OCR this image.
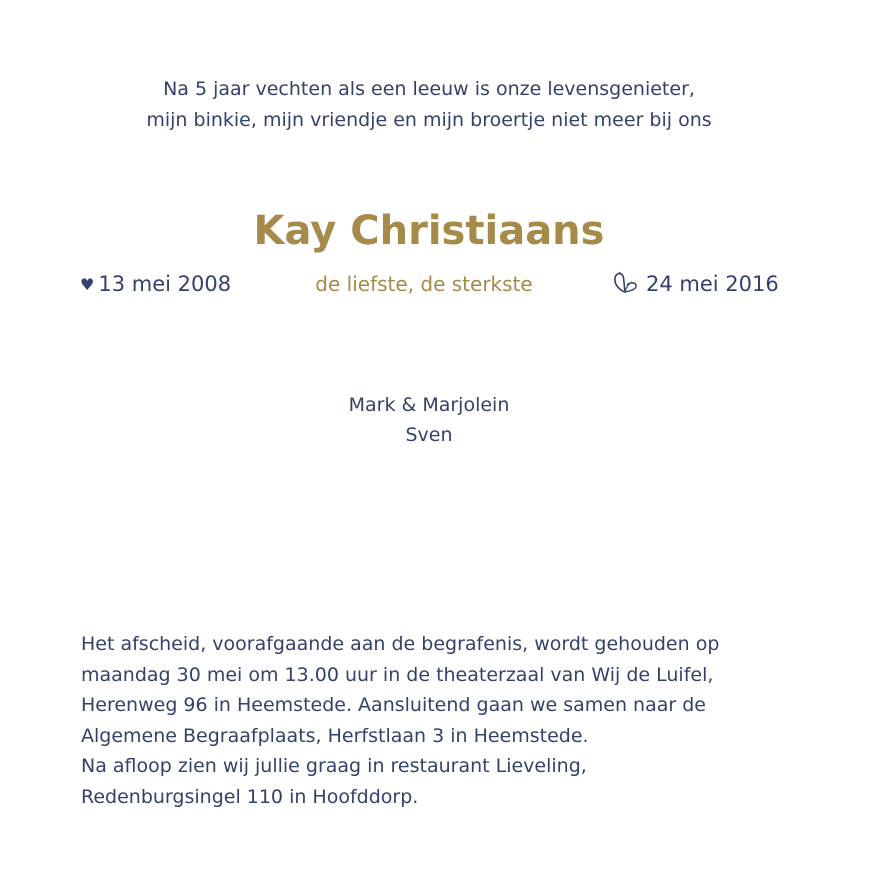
Na 5 jaar vechten als een leeuw is onze levensgenieter,
mijn binkie, mijn vriendje en mijn broertje niet meer bij ons
Kay Christiaans
♥ 13 mei 2008	de liefste, de sterkste	24 mei 2016
Mark & Marjolein
Sven
Het afscheid, voorafgaande aan de begrafenis, wordt gehouden op
maandag 30 mei om 13.00 uur in de theaterzaal van Wij de Luifel,
Herenweg 96 in Heemstede. Aansluitend gaan we samen naar de
Algemene Begraafplaats, Herfstlaan 3 in Heemstede.
Na afloop zien wij jullie graag in restaurant Lieveling,
Redenburgsingel 110 in Hoofddorp.
